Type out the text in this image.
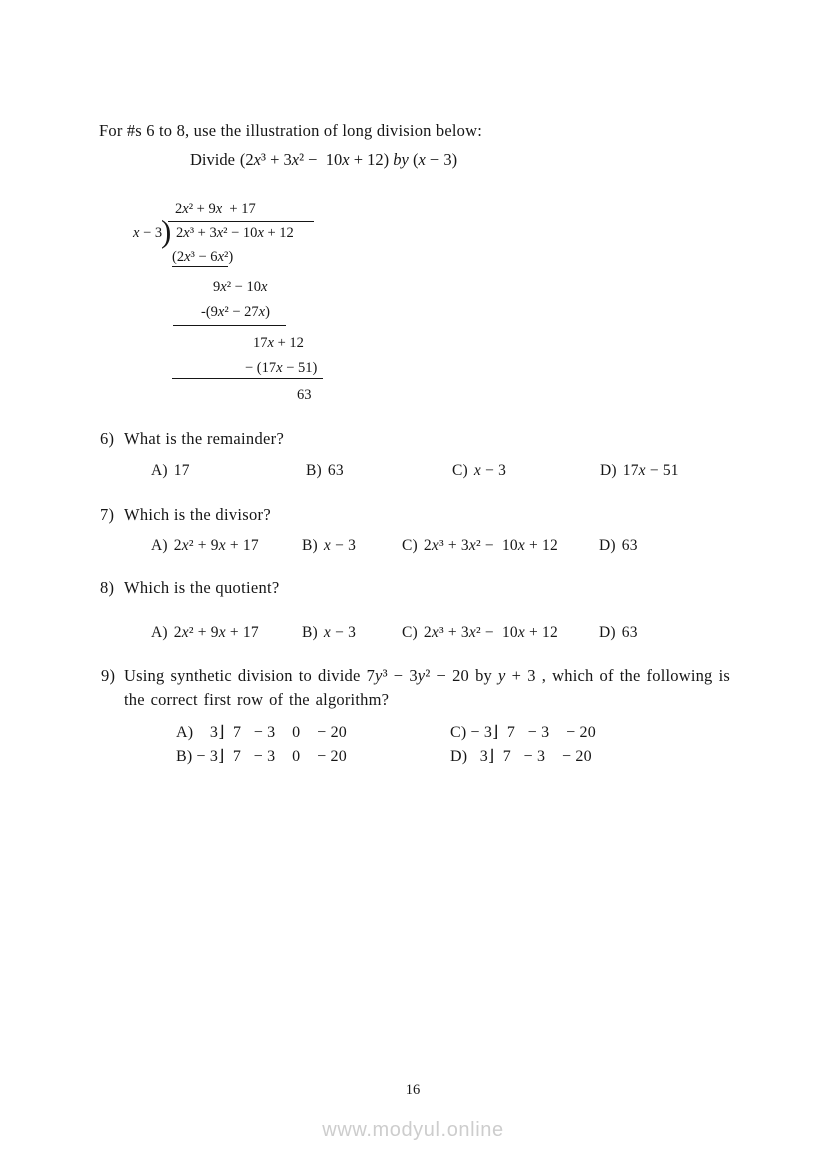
For #s 6 to 8, use the illustration of long division below:
Divide (2x³ + 3x² −  10x + 12) by (x − 3)
2x² + 9x  + 17
x − 3
) 2x³ + 3x² − 10x + 12
(2x³ − 6x²)
9x² − 10x
-(9x² − 27x)
17x + 12
− (17x − 51)
63
6) What is the remainder?
A) 17	B) 63	C) x − 3	D) 17x − 51
7) Which is the divisor?
A) 2x² + 9x + 17	B) x − 3	C) 2x³ + 3x² −  10x + 12	D) 63
8) Which is the quotient?
A) 2x² + 9x + 17	B) x − 3	C) 2x³ + 3x² −  10x + 12	D) 63
9) Using synthetic division to divide 7y³ − 3y² − 20 by y + 3 , which of the following is the correct first row of the algorithm?

A)   3⌋  7   − 3    0    − 20	C) − 3⌋  7   − 3    − 20
B) − 3⌋  7   − 3    0    − 20	D)  3⌋  7   − 3    − 20
16
www.modyul.online
